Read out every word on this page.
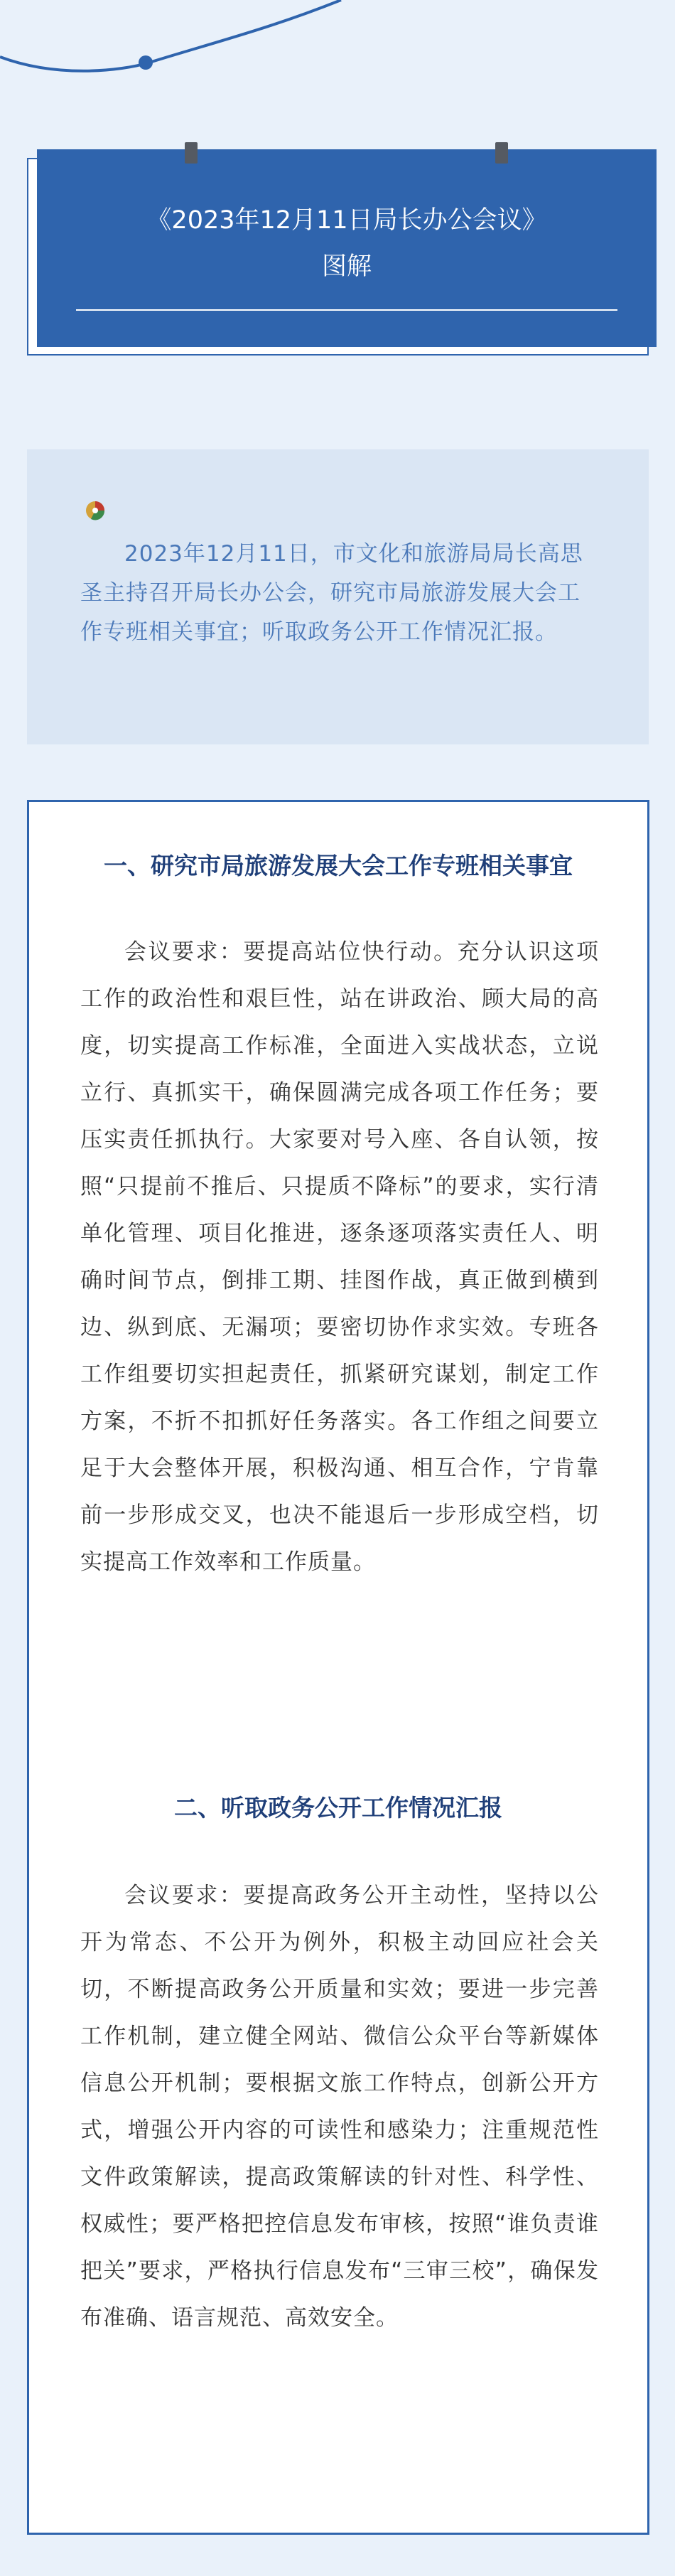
《2023年12月11日局长办公会议》
图解
2023年12月11日，市文化和旅游局局长高思圣主持召开局长办公会，研究市局旅游发展大会工作专班相关事宜；听取政务公开工作情况汇报。
一、研究市局旅游发展大会工作专班相关事宜
会议要求：要提高站位快行动。充分认识这项工作的政治性和艰巨性，站在讲政治、顾大局的高度，切实提高工作标准，全面进入实战状态，立说立行、真抓实干，确保圆满完成各项工作任务；要压实责任抓执行。大家要对号入座、各自认领，按照“只提前不推后、只提质不降标”的要求，实行清单化管理、项目化推进，逐条逐项落实责任人、明确时间节点，倒排工期、挂图作战，真正做到横到边、纵到底、无漏项；要密切协作求实效。专班各工作组要切实担起责任，抓紧研究谋划，制定工作方案，不折不扣抓好任务落实。各工作组之间要立足于大会整体开展，积极沟通、相互合作，宁肯靠前一步形成交叉，也决不能退后一步形成空档，切实提高工作效率和工作质量。
二、听取政务公开工作情况汇报
会议要求：要提高政务公开主动性，坚持以公开为常态、不公开为例外，积极主动回应社会关切，不断提高政务公开质量和实效；要进一步完善工作机制，建立健全网站、微信公众平台等新媒体信息公开机制；要根据文旅工作特点，创新公开方式，增强公开内容的可读性和感染力；注重规范性文件政策解读，提高政策解读的针对性、科学性、权威性；要严格把控信息发布审核，按照“谁负责谁把关”要求，严格执行信息发布“三审三校”，确保发布准确、语言规范、高效安全。
